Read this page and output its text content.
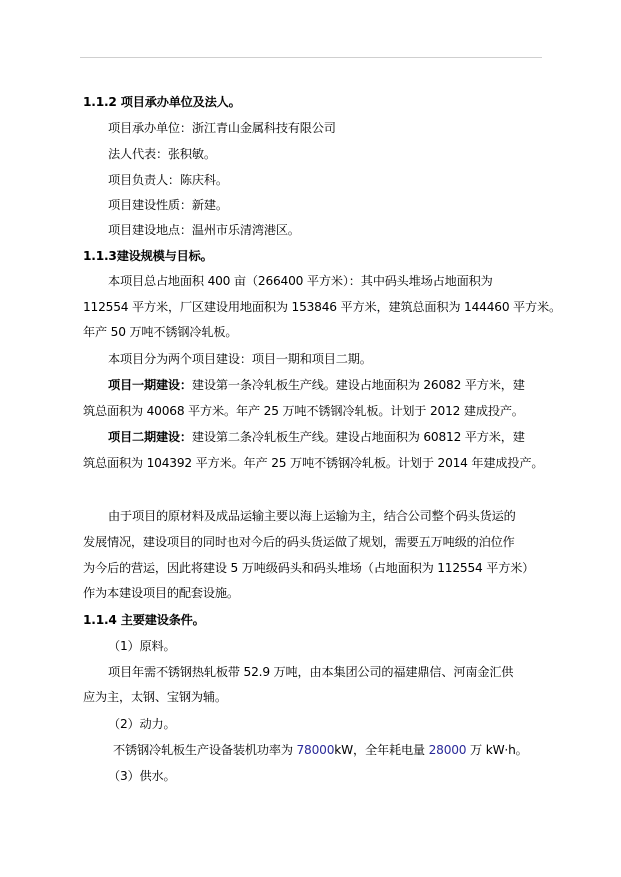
1.1.2 项目承办单位及法人。
项目承办单位：浙江青山金属科技有限公司
法人代表：张积敏。
项目负责人：陈庆科。
项目建设性质：新建。
项目建设地点：温州市乐清湾港区。
1.1.3建设规模与目标。
本项目总占地面积 400 亩（266400 平方米）：其中码头堆场占地面积为
112554 平方米，厂区建设用地面积为 153846 平方米，建筑总面积为 144460 平方米。
年产 50 万吨不锈钢冷轧板。
本项目分为两个项目建设：项目一期和项目二期。
项目一期建设：建设第一条冷轧板生产线。建设占地面积为 26082 平方米，建
筑总面积为 40068 平方米。年产 25 万吨不锈钢冷轧板。计划于 2012 建成投产。
项目二期建设：建设第二条冷轧板生产线。建设占地面积为 60812 平方米，建
筑总面积为 104392 平方米。年产 25 万吨不锈钢冷轧板。计划于 2014 年建成投产。
由于项目的原材料及成品运输主要以海上运输为主，结合公司整个码头货运的
发展情况，建设项目的同时也对今后的码头货运做了规划，需要五万吨级的泊位作
为今后的营运，因此将建设 5 万吨级码头和码头堆场（占地面积为 112554 平方米）
作为本建设项目的配套设施。
1.1.4 主要建设条件。
（1）原料。
项目年需不锈钢热轧板带 52.9 万吨，由本集团公司的福建鼎信、河南金汇供
应为主，太钢、宝钢为辅。
（2）动力。
不锈钢冷轧板生产设备装机功率为 78000kW，全年耗电量 28000 万 kW·h。
（3）供水。
